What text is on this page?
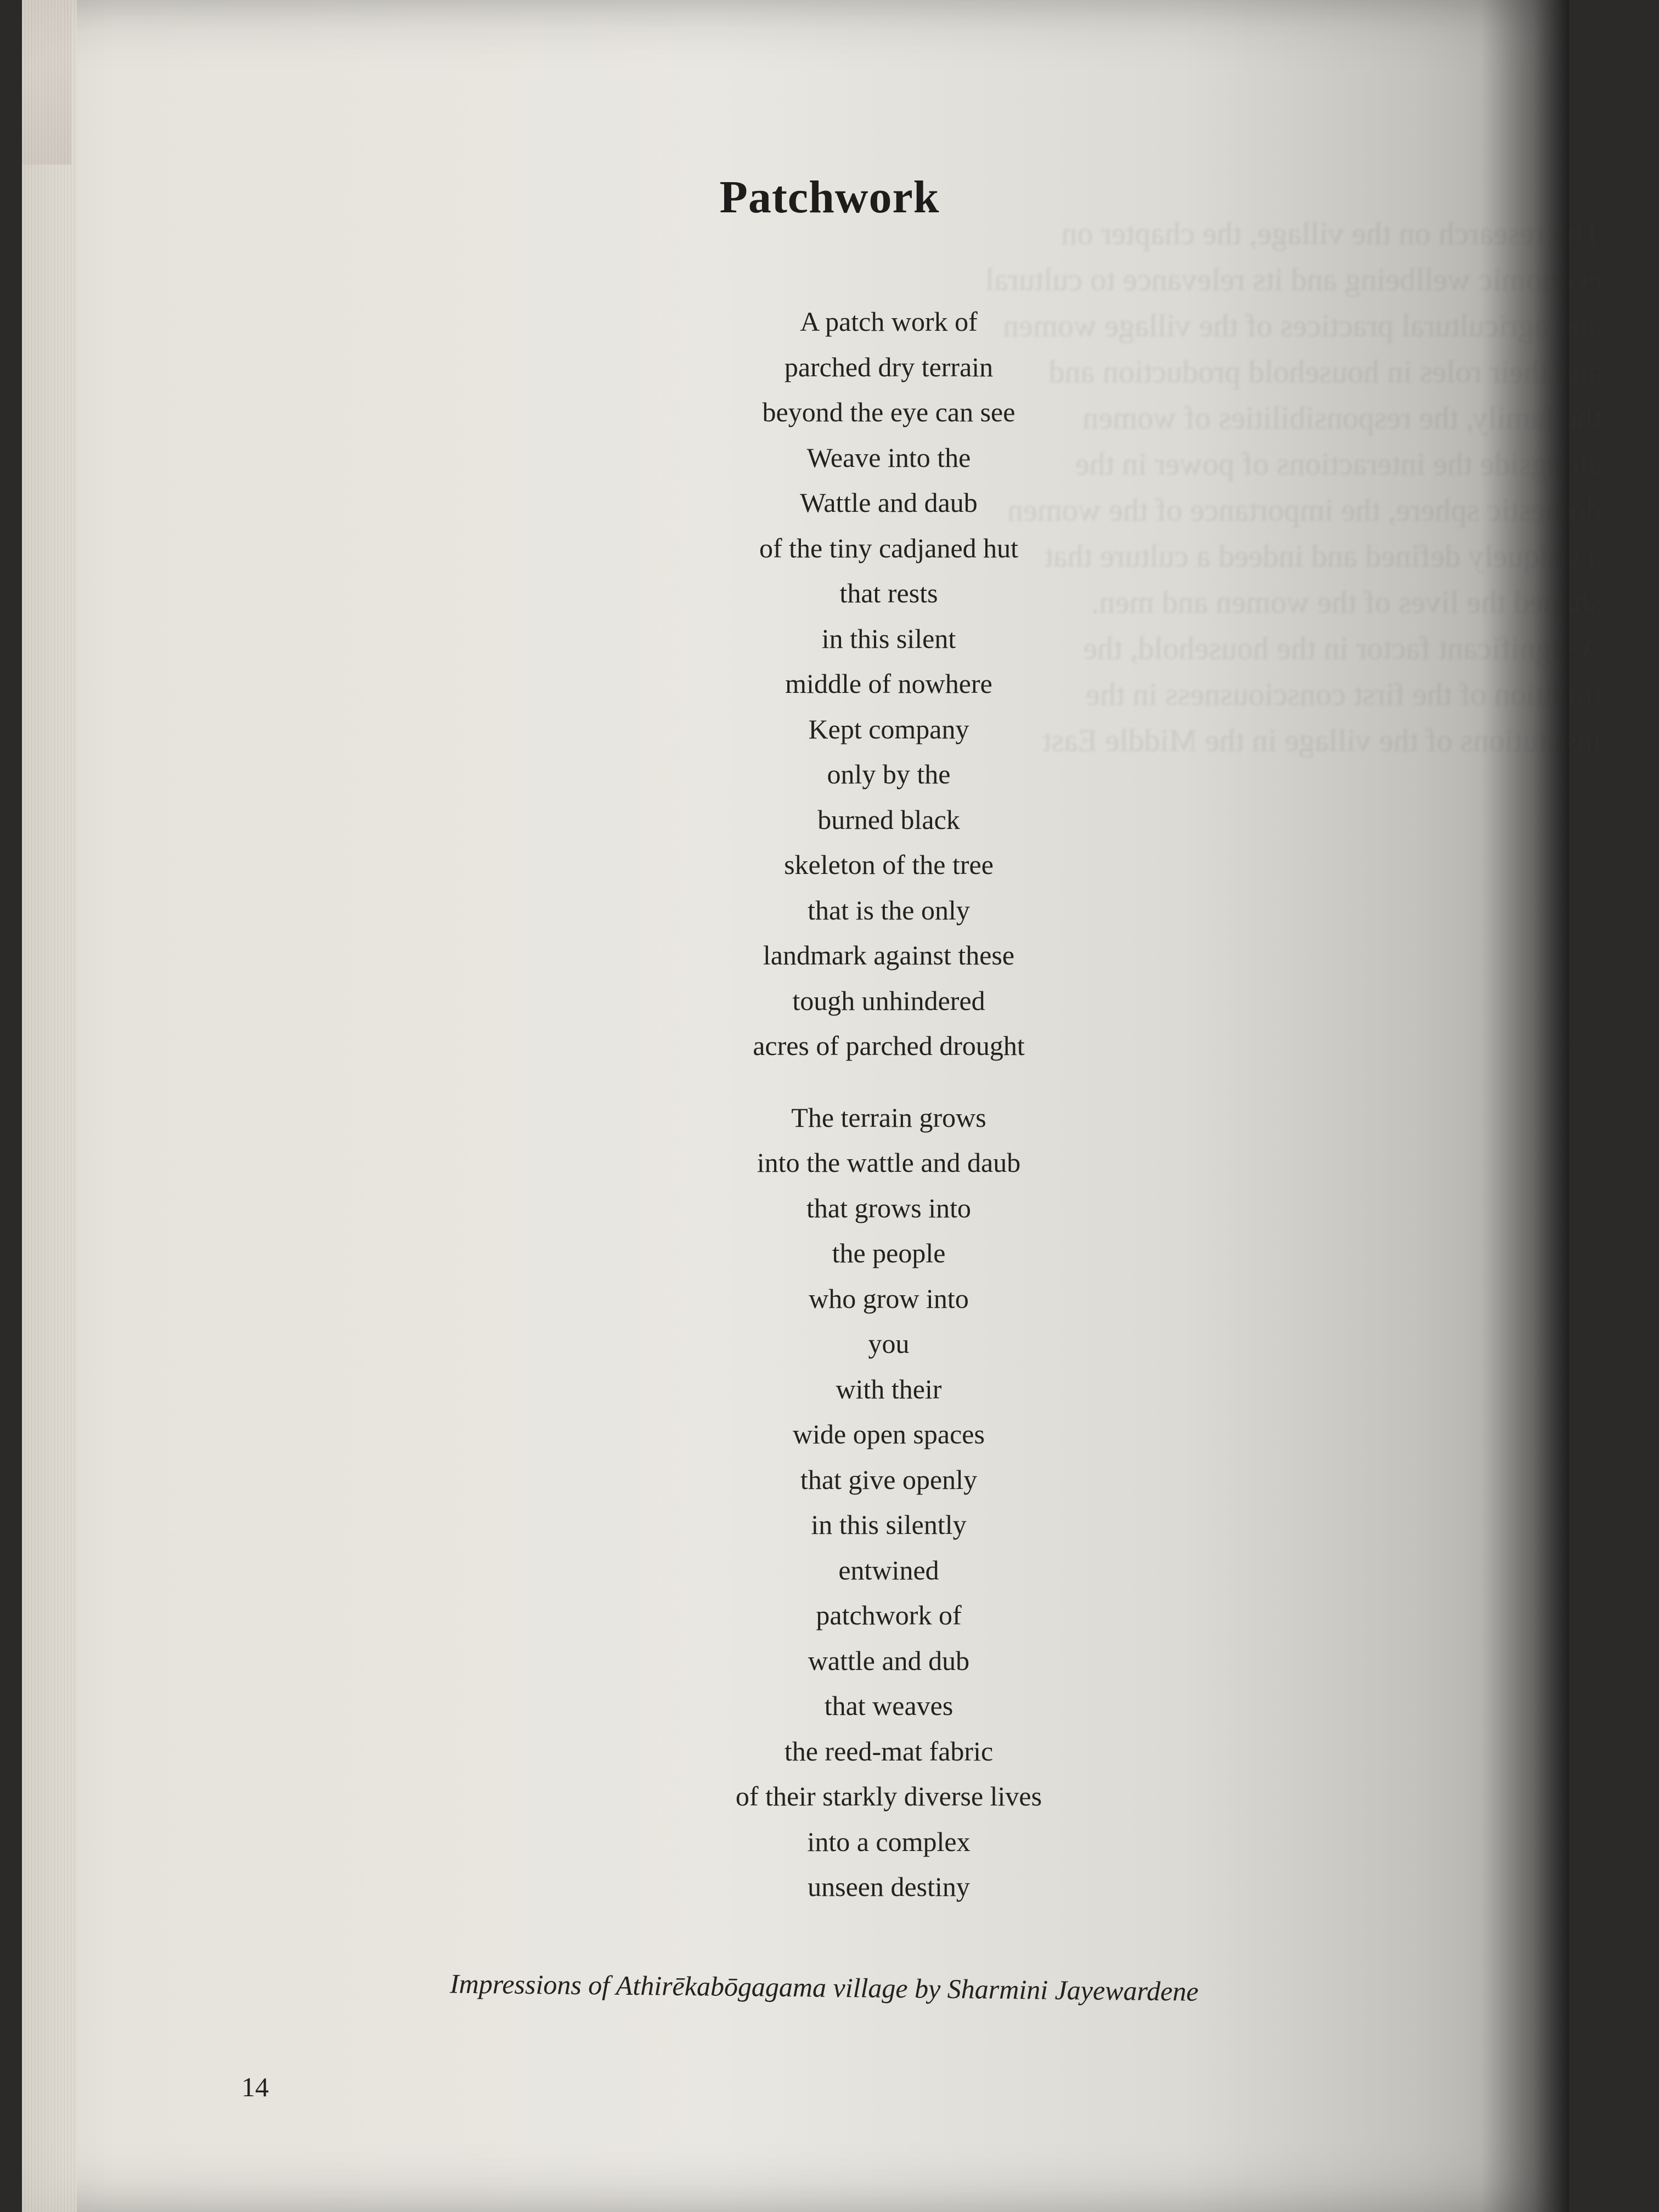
The  on the village, the chapter on
wellbeing and its relevance to cultural
and agricultural practices of the village women
and  roles in household production and
the  the responsibilities of women
the interactions of power in the
sphere, the importance of the women
a  defined and indeed a culture that
lives of the women and men.
A  factor in the household, the
of the first consciousness in the
of the village in the Middle East

Patchwork
A patch work of
parched dry terrain
beyond the eye can see
Weave into the
Wattle and daub
of the tiny cadjaned hut
that rests
in this silent
middle of nowhere
Kept company
only by the
burned black
skeleton of the tree
that is the only
landmark against these
tough unhindered
acres of parched drought
The terrain grows
into the wattle and daub
that grows into
the people
who grow into
you
with their
wide open spaces
that give openly
in this silently
entwined
patchwork of
wattle and dub
that weaves
the reed-mat fabric
of their starkly diverse lives
into a complex
unseen destiny
Impressions of Athirēkabōgagama village by Sharmini Jayewardene
14
